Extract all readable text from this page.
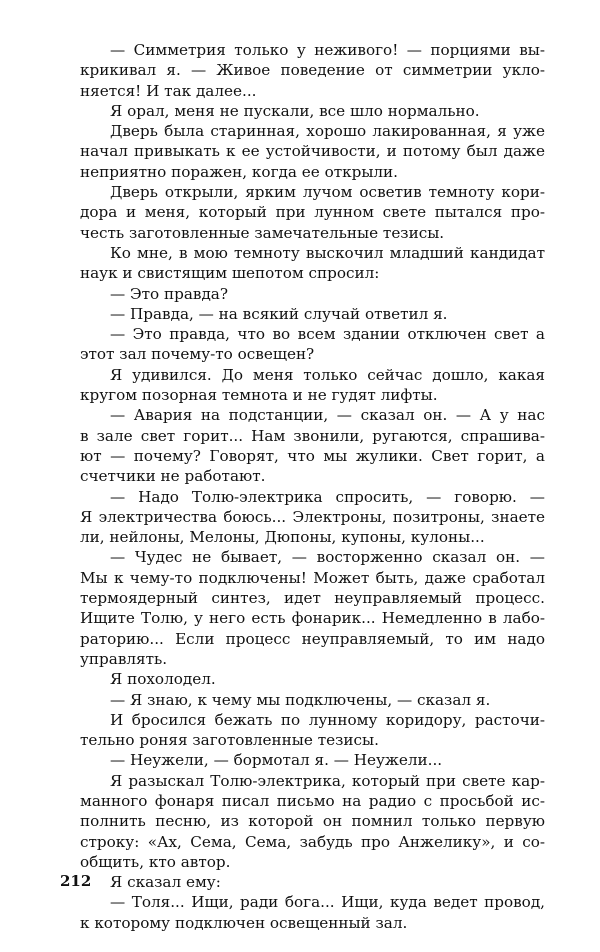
— Симметрия только у неживого! — порциями вы-
крикивал я. — Живое поведение от симметрии укло-
няется! И так далее...
Я орал, меня не пускали, все шло нормально.
Дверь была старинная, хорошо лакированная, я уже
начал привыкать к ее устойчивости, и потому был даже
неприятно поражен, когда ее открыли.
Дверь открыли, ярким лучом осветив темноту кори-
дора и меня, который при лунном свете пытался про-
честь заготовленные замечательные тезисы.
Ко мне, в мою темноту выскочил младший кандидат
наук и свистящим шепотом спросил:
— Это правда?
— Правда, — на всякий случай ответил я.
— Это правда, что во всем здании отключен свет а
этот зал почему-то освещен?
Я удивился. До меня только сейчас дошло, какая
кругом позорная темнота и не гудят лифты.
— Авария на подстанции, — сказал он. — А у нас
в зале свет горит... Нам звонили, ругаются, спрашива-
ют — почему? Говорят, что мы жулики. Свет горит, а
счетчики не работают.
— Надо Толю-электрика спросить, — говорю. —
Я электричества боюсь... Электроны, позитроны, знаете
ли, нейлоны, Мелоны, Дюпоны, купоны, кулоны...
— Чудес не бывает, — восторженно сказал он. —
Мы к чему-то подключены! Может быть, даже сработал
термоядерный синтез, идет неуправляемый процесс.
Ищите Толю, у него есть фонарик... Немедленно в лабо-
раторию... Если процесс неуправляемый, то им надо
управлять.
Я похолодел.
— Я знаю, к чему мы подключены, — сказал я.
И бросился бежать по лунному коридору, расточи-
тельно роняя заготовленные тезисы.
— Неужели, — бормотал я. — Неужели...
Я разыскал Толю-электрика, который при свете кар-
манного фонаря писал письмо на радио с просьбой ис-
полнить песню, из которой он помнил только первую
строку: «Ах, Сема, Сема, забудь про Анжелику», и со-
общить, кто автор.
Я сказал ему:
— Толя... Ищи, ради бога... Ищи, куда ведет провод,
к которому подключен освещенный зал.
212
